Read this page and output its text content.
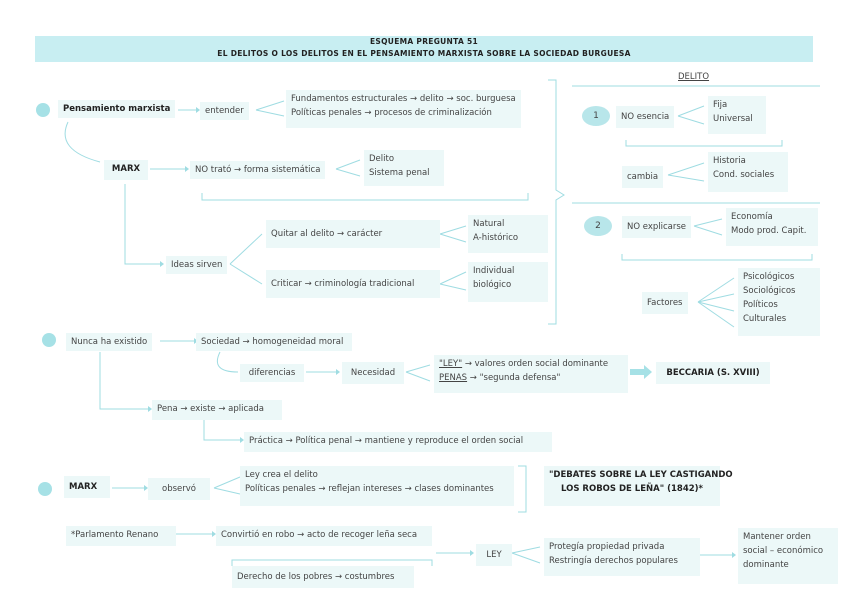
ESQUEMA PREGUNTA 51
EL DELITOS O LOS DELITOS EN EL PENSAMIENTO MARXISTA SOBRE LA SOCIEDAD BURGUESA
Pensamiento marxista	entender
Fundamentos estructurales → delito → soc. burguesa
Políticas penales → procesos de criminalización
MARX	NO trató → forma sistemática
Delito
Sistema penal
Ideas sirven
Quitar al delito → carácter
Natural
A-histórico
Criticar → criminología tradicional
Individual
biológico
DELITO
1	NO esencia
Fija
Universal
cambia
Historia
Cond. sociales
2	NO explicarse
Economía
Modo prod. Capit.
Factores
Psicológicos
Sociológicos
Políticos
Culturales
Nunca ha existido	Sociedad → homogeneidad moral
diferencias	Necesidad
"LEY" → valores orden social dominante
PENAS → "segunda defensa"	BECCARIA (S. XVIII)
Pena → existe → aplicada
Práctica → Política penal → mantiene y reproduce el orden social
MARX	observó
Ley crea el delito
Políticas penales → reflejan intereses → clases dominantes
"DEBATES SOBRE LA LEY CASTIGANDO
LOS ROBOS DE LEÑA" (1842)*
*Parlamento Renano	Convirtió en robo → acto de recoger leña seca
Derecho de los pobres → costumbres
LEY
Protegía propiedad privada
Restringía derechos populares
Mantener orden
social – económico
dominante
